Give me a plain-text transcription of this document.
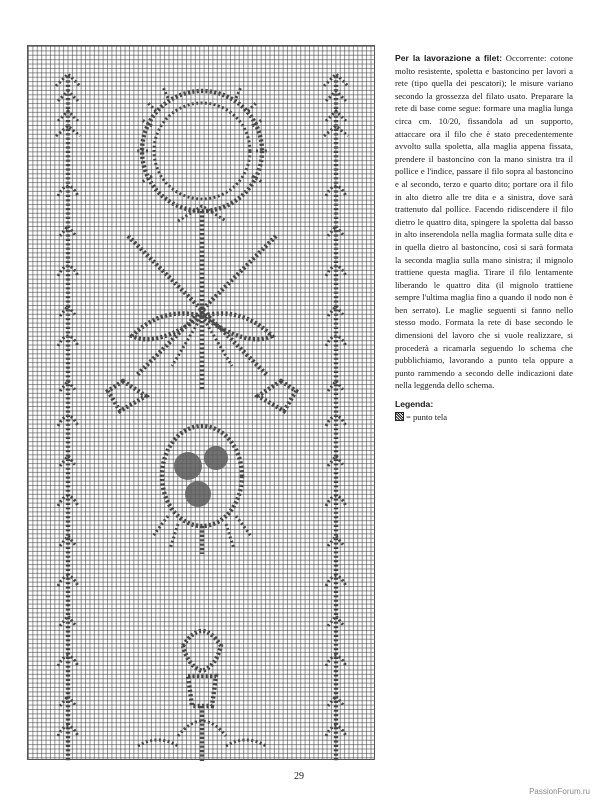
Per la lavorazione a filet: Occorrente: cotone molto resistente, spoletta e bastoncino per lavori a rete (tipo quella dei pescatori); le misure variano secondo la grossezza del filato usato. Preparare la rete di base come segue: formare una maglia lunga circa cm. 10/20, fissandola ad un supporto, attaccare ora il filo che è stato precedentemente avvolto sulla spoletta, alla maglia appena fissata, prendere il bastoncino con la mano sinistra tra il pollice e l'indice, passare il filo sopra al bastoncino e al secondo, terzo e quarto dito; portare ora il filo in alto dietro alle tre dita e a sinistra, dove sarà trattenuto dal pollice. Facendo ridiscendere il filo dietro le quattro dita, spingere la spoletta dal basso in alto inserendola nella maglia formata sulle dita e in quella dietro al bastoncino, così si sarà formata la seconda maglia sulla mano sinistra; il mignolo trattiene questa maglia. Tirare il filo lentamente liberando le quattro dita (il mignolo trattiene sempre l'ultima maglia fino a quando il nodo non è ben serrato). Le maglie seguenti si fanno nello stesso modo. Formata la rete di base secondo le dimensioni del lavoro che si vuole realizzare, si procederà a ricamarla seguendo lo schema che pubblichiamo, lavorando a punto tela oppure a punto rammendo a secondo delle indicazioni date nella leggenda dello schema.

Legenda:
= punto tela
29
PassionForum.ru
